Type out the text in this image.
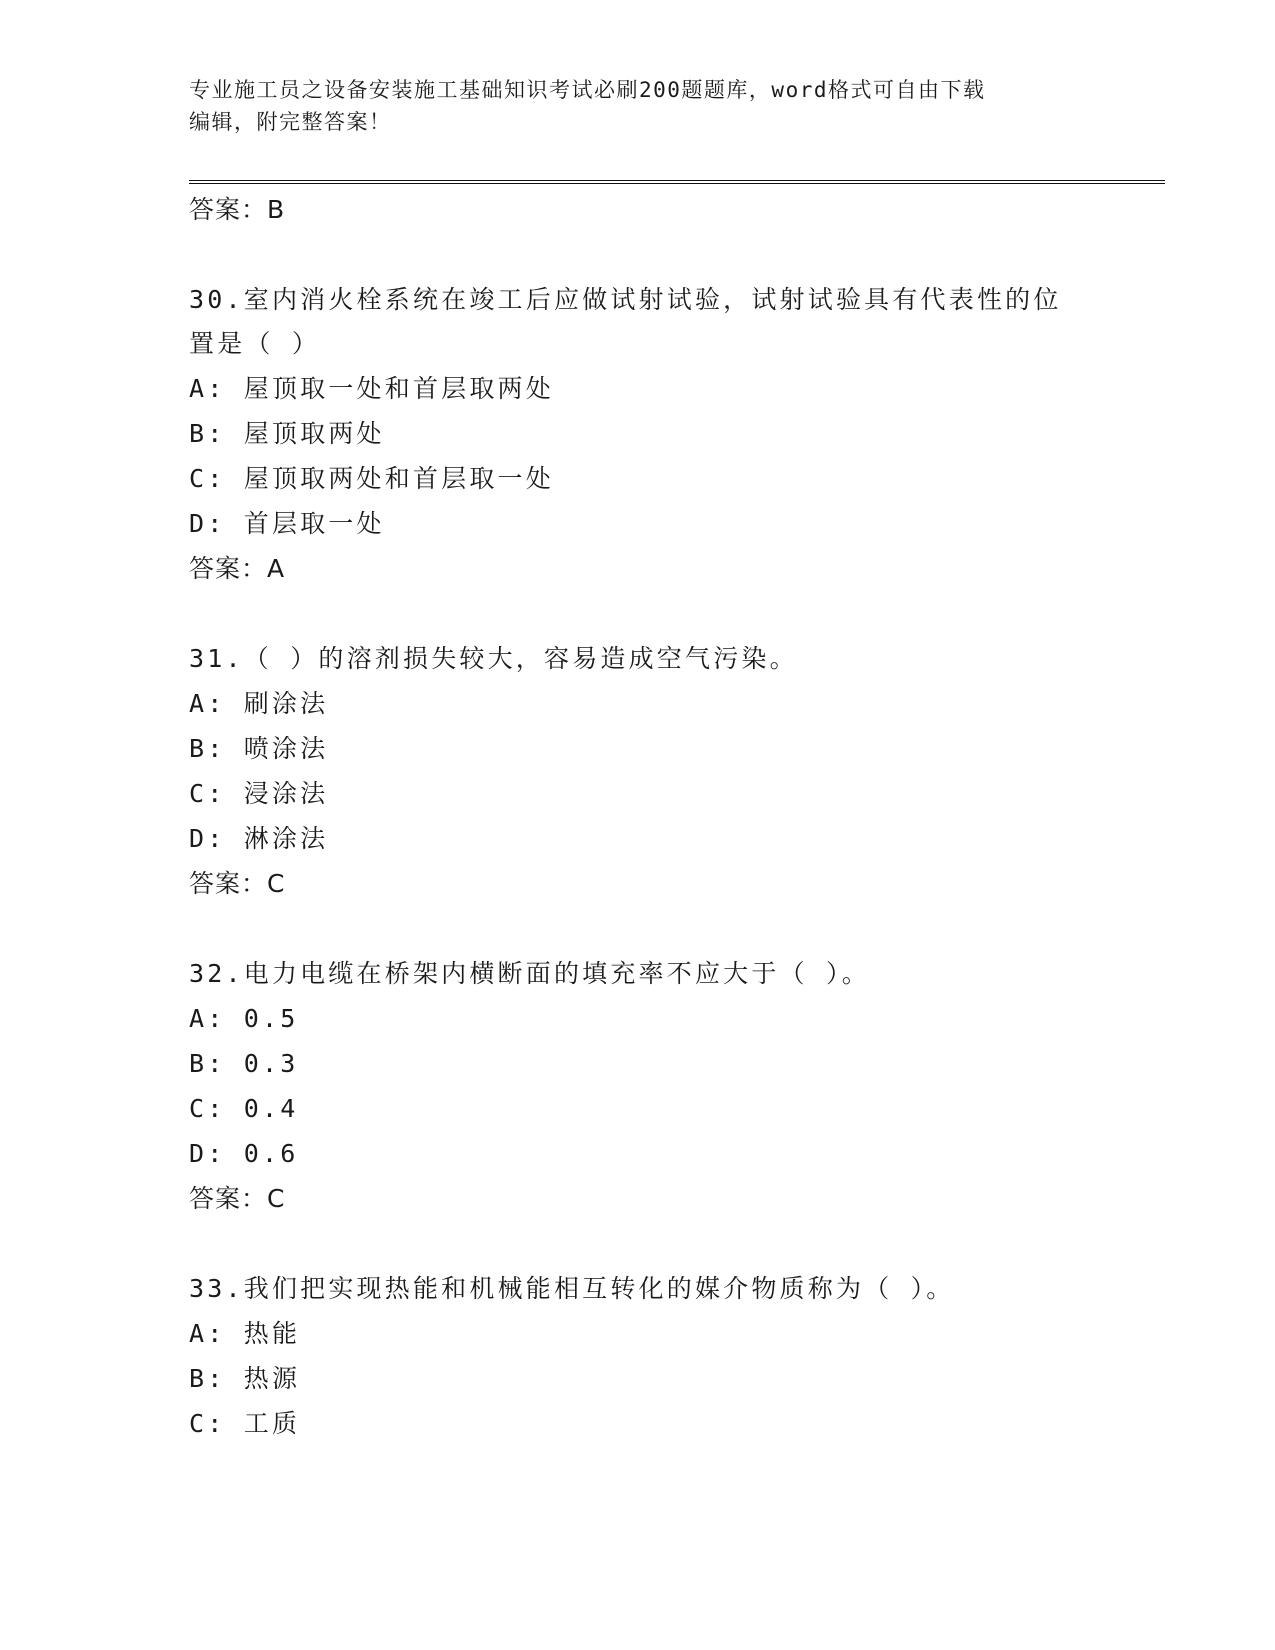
专业施工员之设备安装施工基础知识考试必刷200题题库，word格式可自由下载
编辑，附完整答案！
答案：B
30.室内消火栓系统在竣工后应做试射试验，试射试验具有代表性的位
置是（ ）
A: 屋顶取一处和首层取两处
B: 屋顶取两处
C: 屋顶取两处和首层取一处
D: 首层取一处
答案：A
31.（ ）的溶剂损失较大，容易造成空气污染。
A: 刷涂法
B: 喷涂法
C: 浸涂法
D: 淋涂法
答案：C
32.电力电缆在桥架内横断面的填充率不应大于（ ）。
A: 0.5
B: 0.3
C: 0.4
D: 0.6
答案：C
33.我们把实现热能和机械能相互转化的媒介物质称为（ ）。
A: 热能
B: 热源
C: 工质
